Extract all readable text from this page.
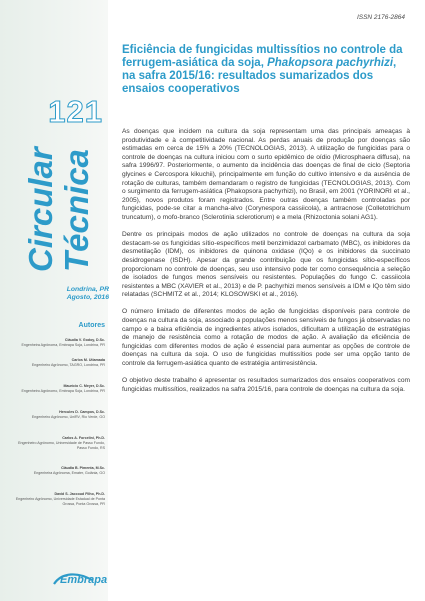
ISSN 2176-2864

Eficiência de fungicidas multissítios no controle da ferrugem-asiática da soja, Phakopsora pachyrhizi, na safra 2015/16: resultados sumarizados dos ensaios cooperativos

121
Circular Técnica
Londrina, PR
Agosto, 2016
Autores
Cláudia V. Godoy, D.Sc.
Engenheira Agrônoma, Embrapa Soja, Londrina, PR
Carlos M. Utiamada
Engenheiro Agrônomo, TAGRO, Londrina, PR
Maurício C. Meyer, D.Sc.
Engenheiro Agrônomo, Embrapa Soja, Londrina, PR
Hercules D. Campos, D.Sc.
Engenheiro Agrônomo, UniRV, Rio Verde, GO
Carlos A. Forcelini, Ph.D.
Engenheiro Agrônomo, Universidade de Passo Fundo, Passo Fundo, RS
Cláudia B. Pimenta, M.Sc.
Engenheira Agrônoma, Emater, Goiânia, GO
David S. Jaccoud Filho, Ph.D.
Engenheiro Agrônomo, Universidade Estadual de Ponta Grossa, Ponta Grossa, PR

As doenças que incidem na cultura da soja representam uma das principais ameaças à produtividade e à competitividade nacional. As perdas anuais de produção por doenças são estimadas em cerca de 15% a 20% (TECNOLOGIAS, 2013). A utilização de fungicidas para o controle de doenças na cultura iniciou com o surto epidêmico de oídio (Microsphaera diffusa), na safra 1996/97. Posteriormente, o aumento da incidência das doenças de final de ciclo (Septoria glycines e Cercospora kikuchii), principalmente em função do cultivo intensivo e da ausência de rotação de culturas, também demandaram o registro de fungicidas (TECNOLOGIAS, 2013). Com o surgimento da ferrugem-asiática (Phakopsora pachyrhizi), no Brasil, em 2001 (YORINORI et al., 2005), novos produtos foram registrados. Entre outras doenças também controladas por fungicidas, pode-se citar a mancha-alvo (Corynespora cassiicola), a antracnose (Colletotrichum truncatum), o mofo-branco (Sclerotinia sclerotiorum) e a mela (Rhizoctonia solani AG1).

Dentre os principais modos de ação utilizados no controle de doenças na cultura da soja destacam-se os fungicidas sítio-específicos metil benzimidazol carbamato (MBC), os inibidores da desmetilação (IDM), os inibidores de quinona oxidase (IQo) e os inibidores da succinato desidrogenase (ISDH). Apesar da grande contribuição que os fungicidas sítio-específicos proporcionam no controle de doenças, seu uso intensivo pode ter como consequência a seleção de isolados de fungos menos sensíveis ou resistentes. Populações do fungo C. cassiicola resistentes a MBC (XAVIER et al., 2013) e de P. pachyrhizi menos sensíveis a IDM e IQo têm sido relatadas (SCHMITZ et al., 2014; KLOSOWSKI et al., 2016).

O número limitado de diferentes modos de ação de fungicidas disponíveis para controle de doenças na cultura da soja, associado a populações menos sensíveis de fungos já observadas no campo e a baixa eficiência de ingredientes ativos isolados, dificultam a utilização de estratégias de manejo de resistência como a rotação de modos de ação. A avaliação da eficiência de fungicidas com diferentes modos de ação é essencial para aumentar as opções de controle de doenças na cultura da soja. O uso de fungicidas multissítios pode ser uma opção tanto de controle da ferrugem-asiática quanto de estratégia antirresistência.

O objetivo deste trabalho é apresentar os resultados sumarizados dos ensaios cooperativos com fungicidas multissítios, realizados na safra 2015/16, para controle de doenças na cultura da soja.

Embrapa
